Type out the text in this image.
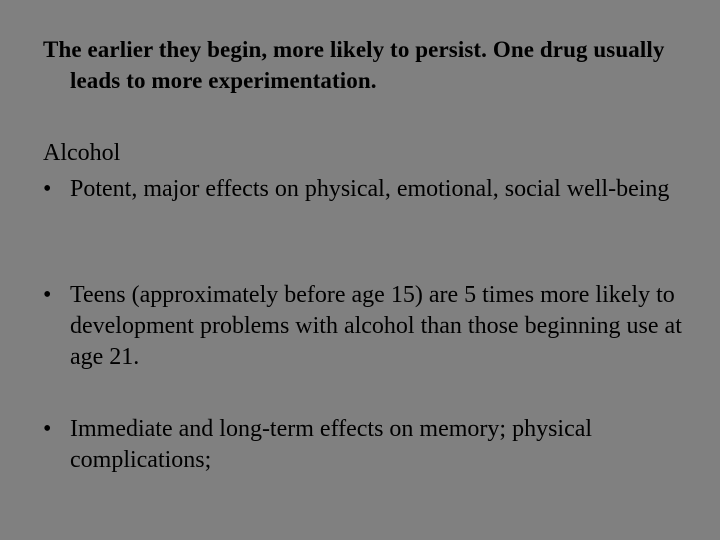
The earlier they begin, more likely to persist. One drug usually leads to more experimentation.
Alcohol
• Potent, major effects on physical, emotional, social well-being
• Teens (approximately before age 15) are 5 times more likely to development problems with alcohol than those beginning use at age 21.
• Immediate and long-term effects on memory; physical complications;
